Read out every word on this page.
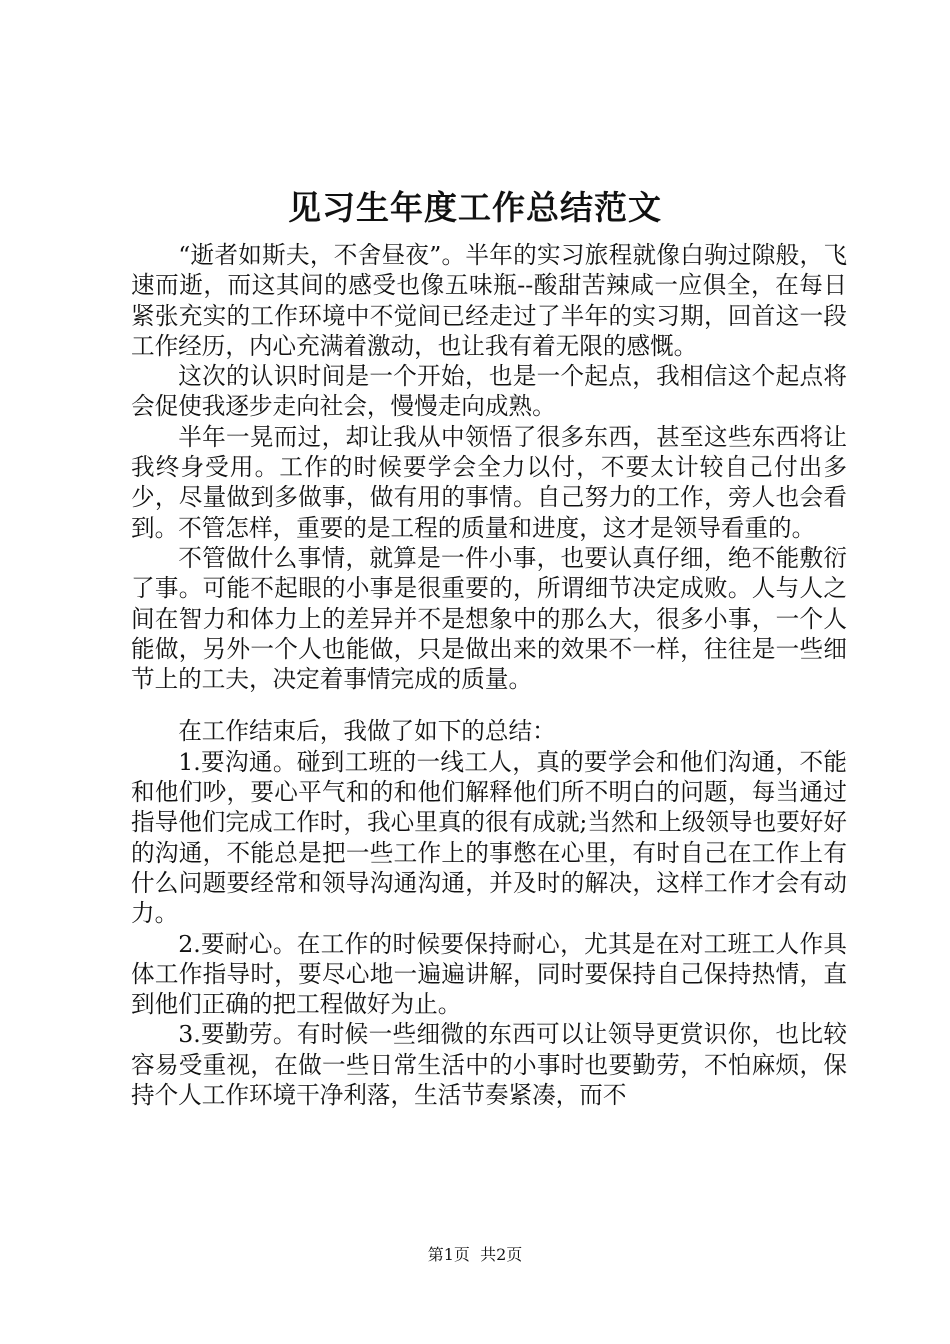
见习生年度工作总结范文

“逝者如斯夫，不舍昼夜”。半年的实习旅程就像白驹过隙般，飞速而逝，而这其间的感受也像五味瓶--酸甜苦辣咸一应俱全，在每日紧张充实的工作环境中不觉间已经走过了半年的实习期，回首这一段工作经历，内心充满着激动，也让我有着无限的感慨。

这次的认识时间是一个开始，也是一个起点，我相信这个起点将会促使我逐步走向社会，慢慢走向成熟。

半年一晃而过，却让我从中领悟了很多东西，甚至这些东西将让我终身受用。工作的时候要学会全力以付，不要太计较自己付出多少，尽量做到多做事，做有用的事情。自己努力的工作，旁人也会看到。不管怎样，重要的是工程的质量和进度，这才是领导看重的。

不管做什么事情，就算是一件小事，也要认真仔细，绝不能敷衍了事。可能不起眼的小事是很重要的，所谓细节决定成败。人与人之间在智力和体力上的差异并不是想象中的那么大，很多小事，一个人能做，另外一个人也能做，只是做出来的效果不一样，往往是一些细节上的工夫，决定着事情完成的质量。

在工作结束后，我做了如下的总结：

1.要沟通。碰到工班的一线工人，真的要学会和他们沟通，不能和他们吵，要心平气和的和他们解释他们所不明白的问题，每当通过指导他们完成工作时，我心里真的很有成就;当然和上级领导也要好好的沟通，不能总是把一些工作上的事憋在心里，有时自己在工作上有什么问题要经常和领导沟通沟通，并及时的解决，这样工作才会有动力。

2.要耐心。在工作的时候要保持耐心，尤其是在对工班工人作具体工作指导时，要尽心地一遍遍讲解，同时要保持自己保持热情，直到他们正确的把工程做好为止。

3.要勤劳。有时候一些细微的东西可以让领导更赏识你，也比较容易受重视，在做一些日常生活中的小事时也要勤劳，不怕麻烦，保持个人工作环境干净利落，生活节奏紧凑，而不

第1页  共2页
